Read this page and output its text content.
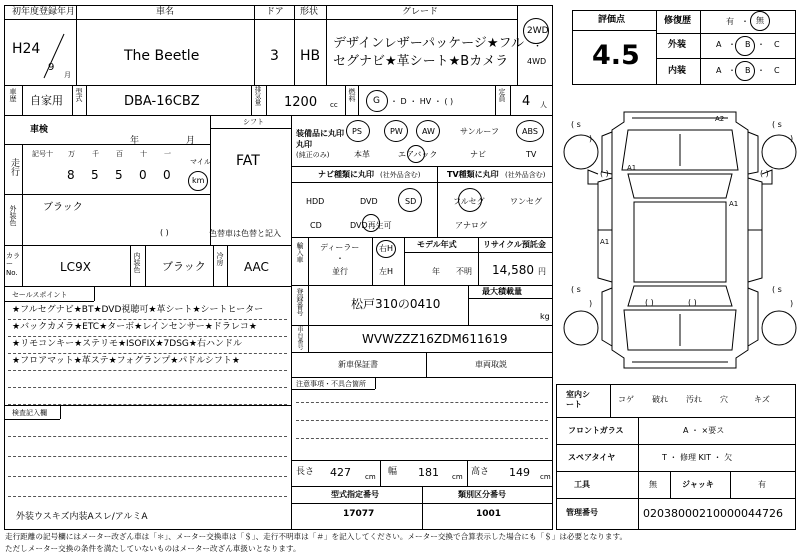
初年度登録年月
H24
9
月
車名
The Beetle
ドア
3
形状
HB
グレード
デザインレザーパッケージ★フル
セグナビ★革シート★Bカメラ
2WD
・
4WD
車歴 自家用 型式	DBA-16CBZ	排気量 1200 cc
燃料 G ・ D ・ HV ・ ( )	定員 4 人
車検
年	月
シフト
FAT
走行
記号	万 千 百 十 一
十
8 5 5 0 0
マイル
km
外装色	ブラック
( )	色替車は色替と記入
カラーNo.	LC9X	内装色 ブラック
冷房
AAC
セールスポイント
★フルセグナビ★BT★DVD視聴可★革シート★シートヒーター
★バックカメラ★ETC★ターボ★レインセンサー★ドラレコ★
★リモコンキー★ステリモ★ISOFIX★7DSG★右ハンドル
★フロアマット★革ステ★フォグランプ★パドルシフト★
検査記入欄
外装ウスキズ内装Aスレ/アルミA
装備品に丸印
(純正のみ)
丸印
PS	PW AW	サンルーフ	ABS
本革	エアバック	ナビ	TV
ナビ種類に丸印 (社外品含む)	TV種類に丸印 (社外品含む)
HDD	DVD	SD
CD	DVD再生可
フルセグ	ワンセグ
アナログ
輸入車 ディーラー
・
並行
右H
左H
モデル年式
年 不明
リサイクル預託金
14,580 円
登録番号	松戸310の0410
最大積載量
kg
車台番号	WVWZZZ16ZDM611619
新車保証書	車両取説
注意事項・不具合箇所
長さ 427 cm 幅 181 cm 高さ 149 cm
型式指定番号
17077
類別区分番号
1001
評価点
4.5
修復歴	有 ・ 無
外装
内装
A	B	C
・	・
A	B	C
・	・
A2
A1
A1
A1
( s
)
( s
)
( s
)
( s
)
( )	( )
( )	( )
室内シート
コゲ 破れ 汚れ 穴	キズ
フロントガラス	A ・ ×要ス
スペアタイヤ	T ・ 修理 KIT ・ 欠
工具	無	ジャッキ	有
管理番号	02038000210000044726
走行距離の記号欄にはメーター改ざん車は「＊」、メーター交換車は「＄」、走行不明車は「＃」を記入してください。メーター交換で合算表示した場合にも「＄」は必要となります。
ただしメーター交換の条件を満たしていないものはメーター改ざん車扱いとなります。
